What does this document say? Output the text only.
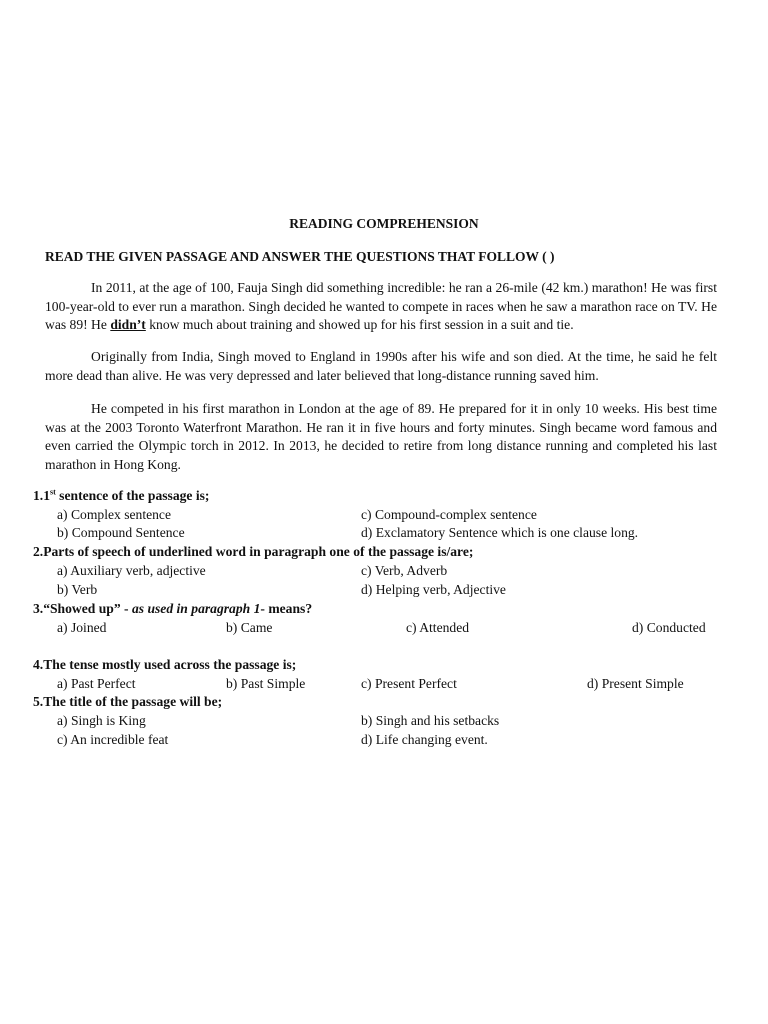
READING COMPREHENSION
READ THE GIVEN PASSAGE AND ANSWER THE QUESTIONS THAT FOLLOW ( )
In 2011, at the age of 100, Fauja Singh did something incredible: he ran a 26-mile (42 km.) marathon! He was first 100-year-old to ever run a marathon. Singh decided he wanted to compete in races when he saw a marathon race on TV. He was 89! He didn’t know much about training and showed up for his first session in a suit and tie.
Originally from India, Singh moved to England in 1990s after his wife and son died. At the time, he said he felt more dead than alive. He was very depressed and later believed that long-distance running saved him.
He competed in his first marathon in London at the age of 89. He prepared for it in only 10 weeks. His best time was at the 2003 Toronto Waterfront Marathon. He ran it in five hours and forty minutes. Singh became word famous and even carried the Olympic torch in 2012. In 2013, he decided to retire from long distance running and completed his last marathon in Hong Kong.
1.1st sentence of the passage is;
a) Complex sentence	c) Compound-complex sentence
b) Compound Sentence	d) Exclamatory Sentence which is one clause long.
2.Parts of speech of underlined word in paragraph one of the passage is/are;
a) Auxiliary verb, adjective	c) Verb, Adverb
b) Verb	d) Helping verb, Adjective
3.“Showed up” - as used in paragraph 1- means?
a) Joined	b) Came	c) Attended	d) Conducted
4.The tense mostly used across the passage is;
a) Past Perfect	b) Past Simple	c) Present Perfect	d) Present Simple
5.The title of the passage will be;
a) Singh is King	b) Singh and his setbacks
c) An incredible feat	d) Life changing event.
